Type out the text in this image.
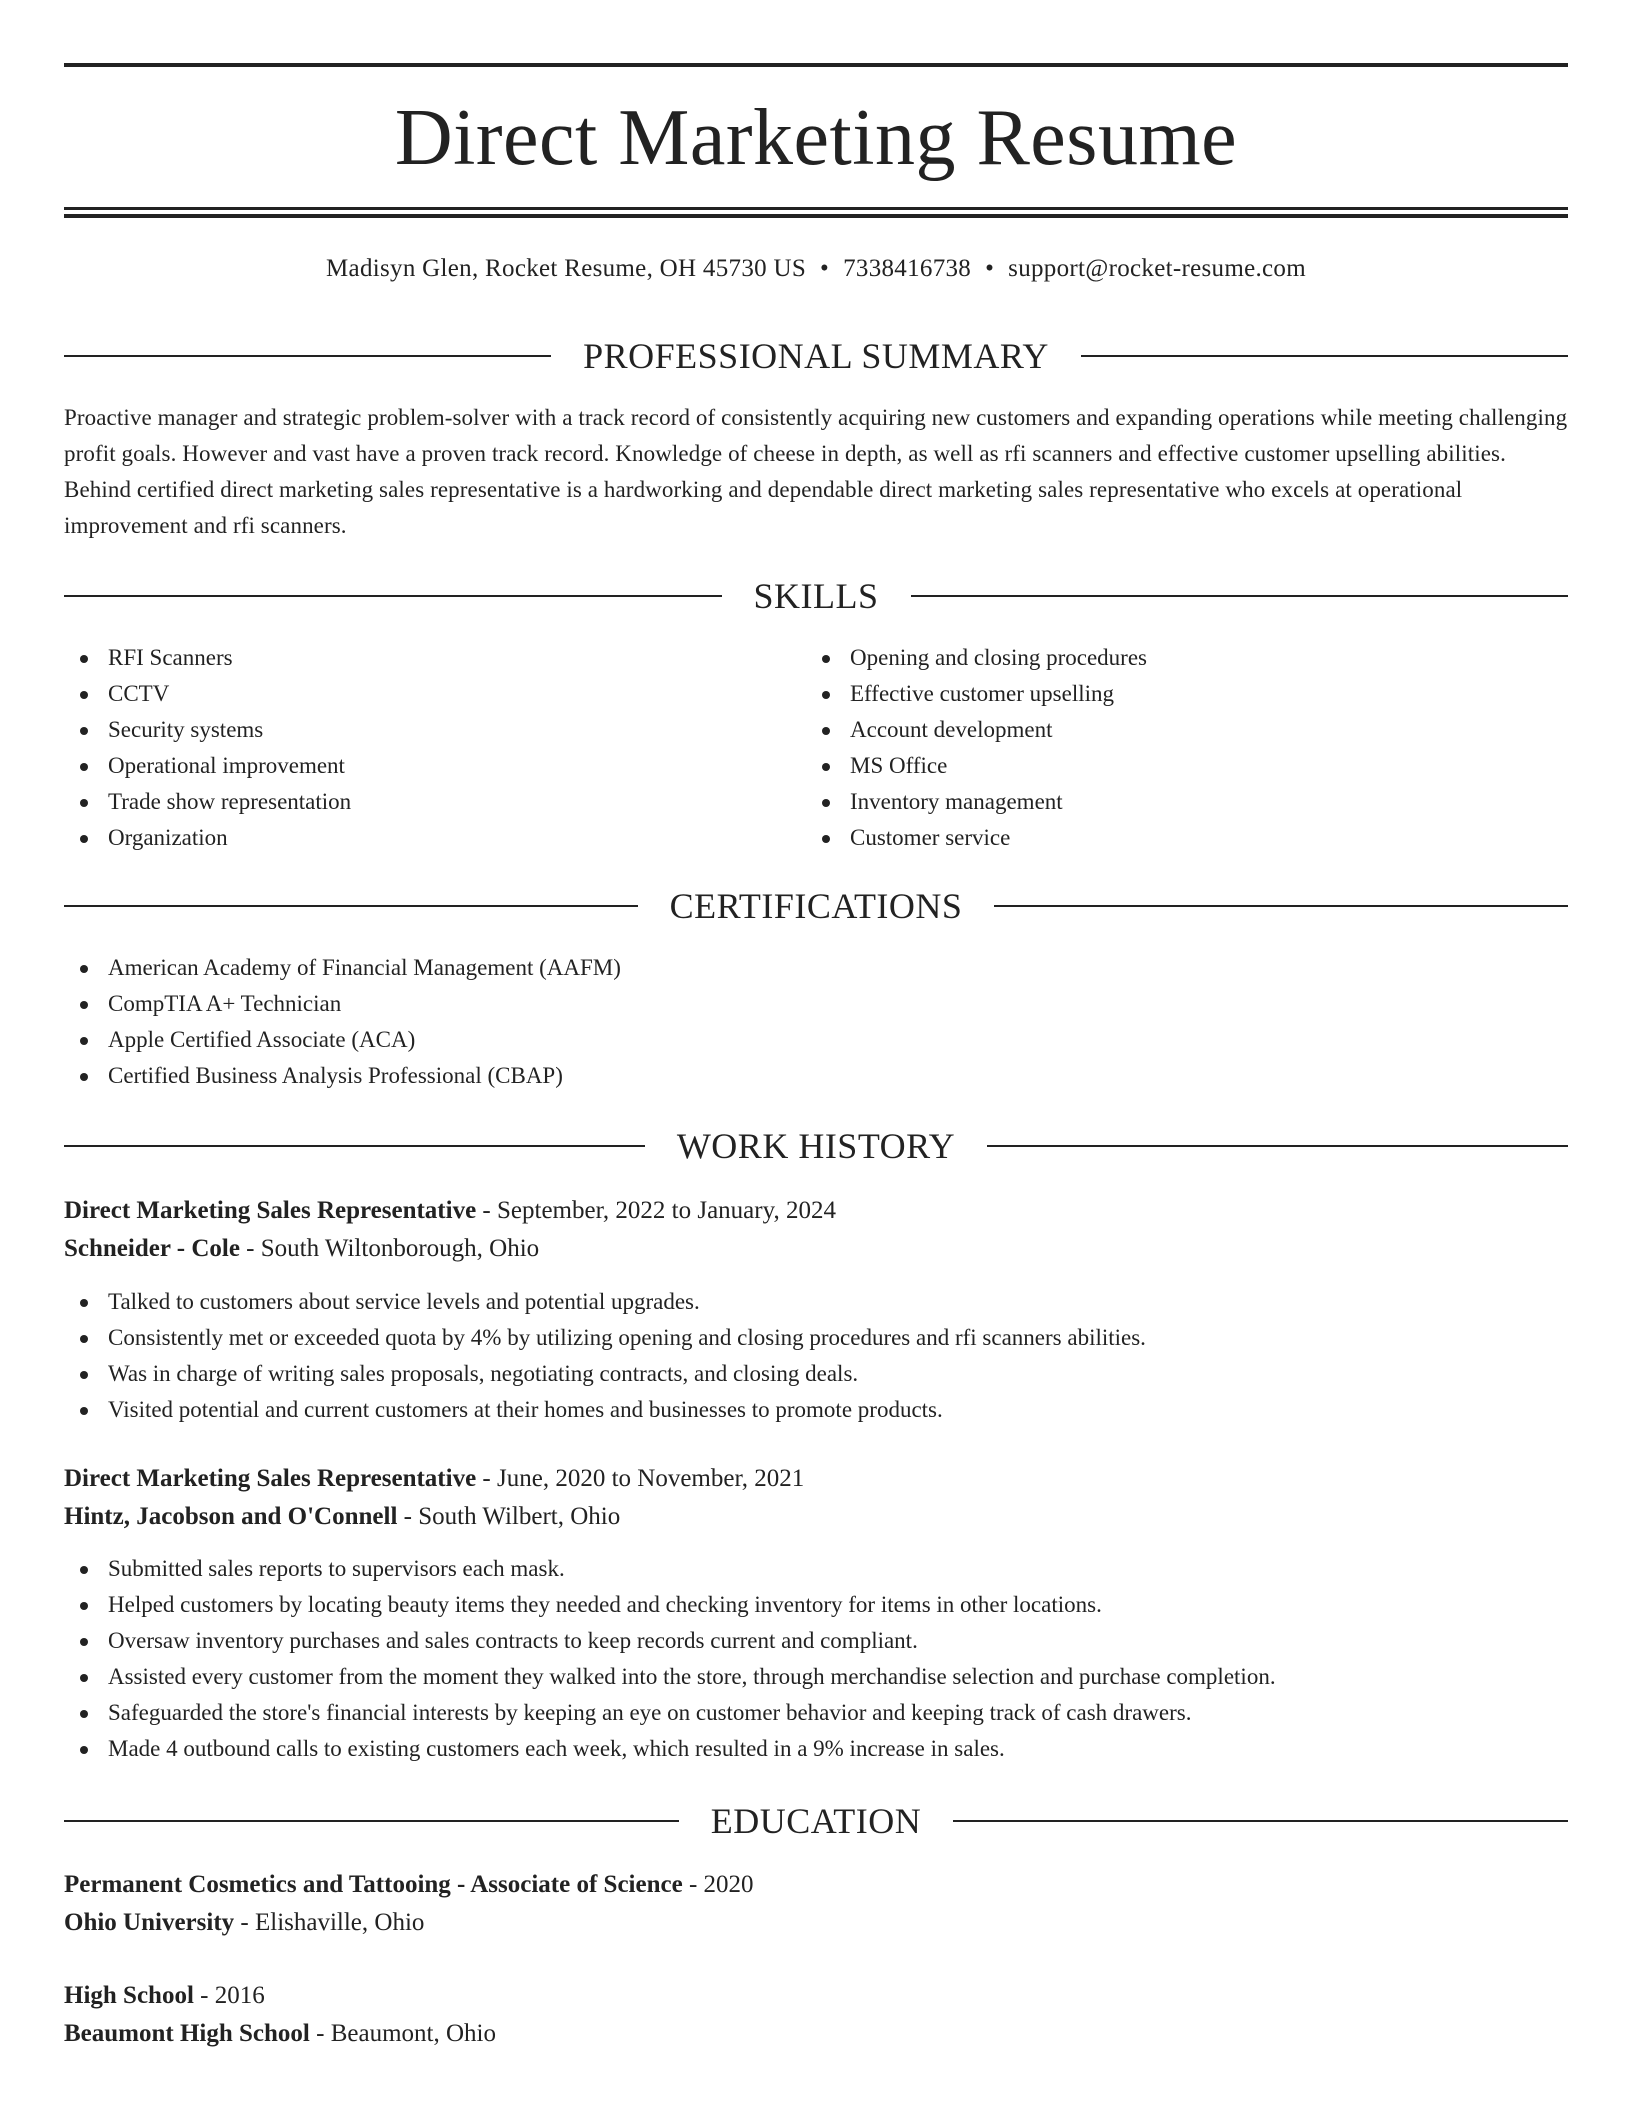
Direct Marketing Resume
Madisyn Glen, Rocket Resume, OH 45730 US • 7338416738 • support@rocket-resume.com
PROFESSIONAL SUMMARY

Proactive manager and strategic problem-solver with a track record of consistently acquiring new customers and expanding operations while meeting challenging profit goals. However and vast have a proven track record. Knowledge of cheese in depth, as well as rfi scanners and effective customer upselling abilities. Behind certified direct marketing sales representative is a hardworking and dependable direct marketing sales representative who excels at operational improvement and rfi scanners.

SKILLS
RFI Scanners
CCTV
Security systems
Operational improvement
Trade show representation
Organization
Opening and closing procedures
Effective customer upselling
Account development
MS Office
Inventory management
Customer service
CERTIFICATIONS
American Academy of Financial Management (AAFM)
CompTIA A+ Technician
Apple Certified Associate (ACA)
Certified Business Analysis Professional (CBAP)
WORK HISTORY
Direct Marketing Sales Representative - September, 2022 to January, 2024
Schneider - Cole - South Wiltonborough, Ohio
Talked to customers about service levels and potential upgrades.
Consistently met or exceeded quota by 4% by utilizing opening and closing procedures and rfi scanners abilities.
Was in charge of writing sales proposals, negotiating contracts, and closing deals.
Visited potential and current customers at their homes and businesses to promote products.
Direct Marketing Sales Representative - June, 2020 to November, 2021
Hintz, Jacobson and O'Connell - South Wilbert, Ohio
Submitted sales reports to supervisors each mask.
Helped customers by locating beauty items they needed and checking inventory for items in other locations.
Oversaw inventory purchases and sales contracts to keep records current and compliant.
Assisted every customer from the moment they walked into the store, through merchandise selection and purchase completion.
Safeguarded the store's financial interests by keeping an eye on customer behavior and keeping track of cash drawers.
Made 4 outbound calls to existing customers each week, which resulted in a 9% increase in sales.
EDUCATION
Permanent Cosmetics and Tattooing - Associate of Science - 2020
Ohio University - Elishaville, Ohio
High School - 2016
Beaumont High School - Beaumont, Ohio
